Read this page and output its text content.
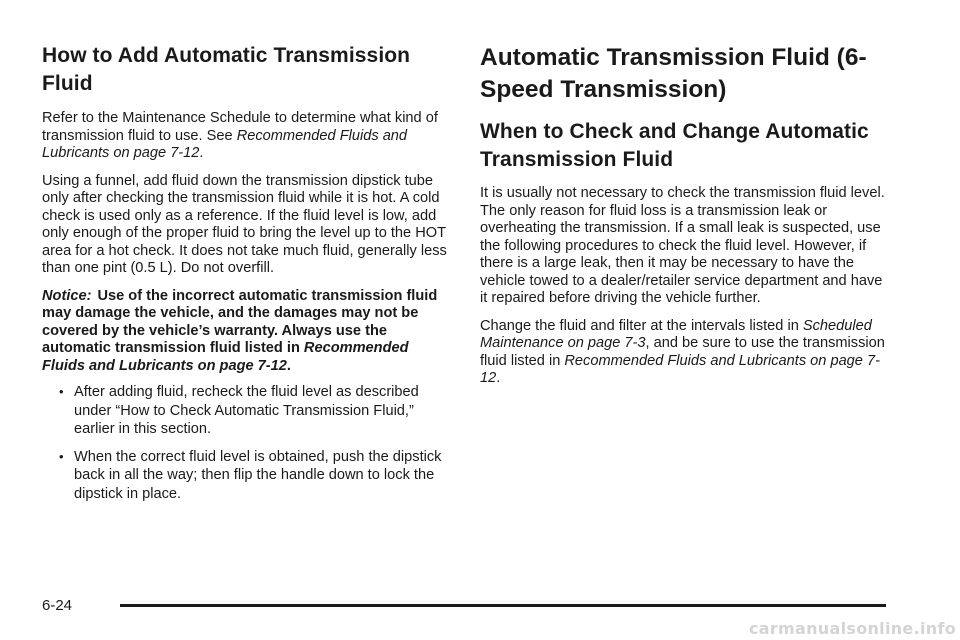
How to Add Automatic Transmission Fluid

Refer to the Maintenance Schedule to determine what kind of transmission fluid to use. See Recommended Fluids and Lubricants on page 7-12.

Using a funnel, add fluid down the transmission dipstick tube only after checking the transmission fluid while it is hot. A cold check is used only as a reference. If the fluid level is low, add only enough of the proper fluid to bring the level up to the HOT area for a hot check. It does not take much fluid, generally less than one pint (0.5 L). Do not overfill.

Notice: Use of the incorrect automatic transmission fluid may damage the vehicle, and the damages may not be covered by the vehicle’s warranty. Always use the automatic transmission fluid listed in Recommended Fluids and Lubricants on page 7-12.

• After adding fluid, recheck the fluid level as described under “How to Check Automatic Transmission Fluid,” earlier in this section.
• When the correct fluid level is obtained, push the dipstick back in all the way; then flip the handle down to lock the dipstick in place.
Automatic Transmission Fluid (6-Speed Transmission)
When to Check and Change Automatic Transmission Fluid

It is usually not necessary to check the transmission fluid level. The only reason for fluid loss is a transmission leak or overheating the transmission. If a small leak is suspected, use the following procedures to check the fluid level. However, if there is a large leak, then it may be necessary to have the vehicle towed to a dealer/retailer service department and have it repaired before driving the vehicle further.

Change the fluid and filter at the intervals listed in Scheduled Maintenance on page 7-3, and be sure to use the transmission fluid listed in Recommended Fluids and Lubricants on page 7-12.

6-24
carmanualsonline.info
